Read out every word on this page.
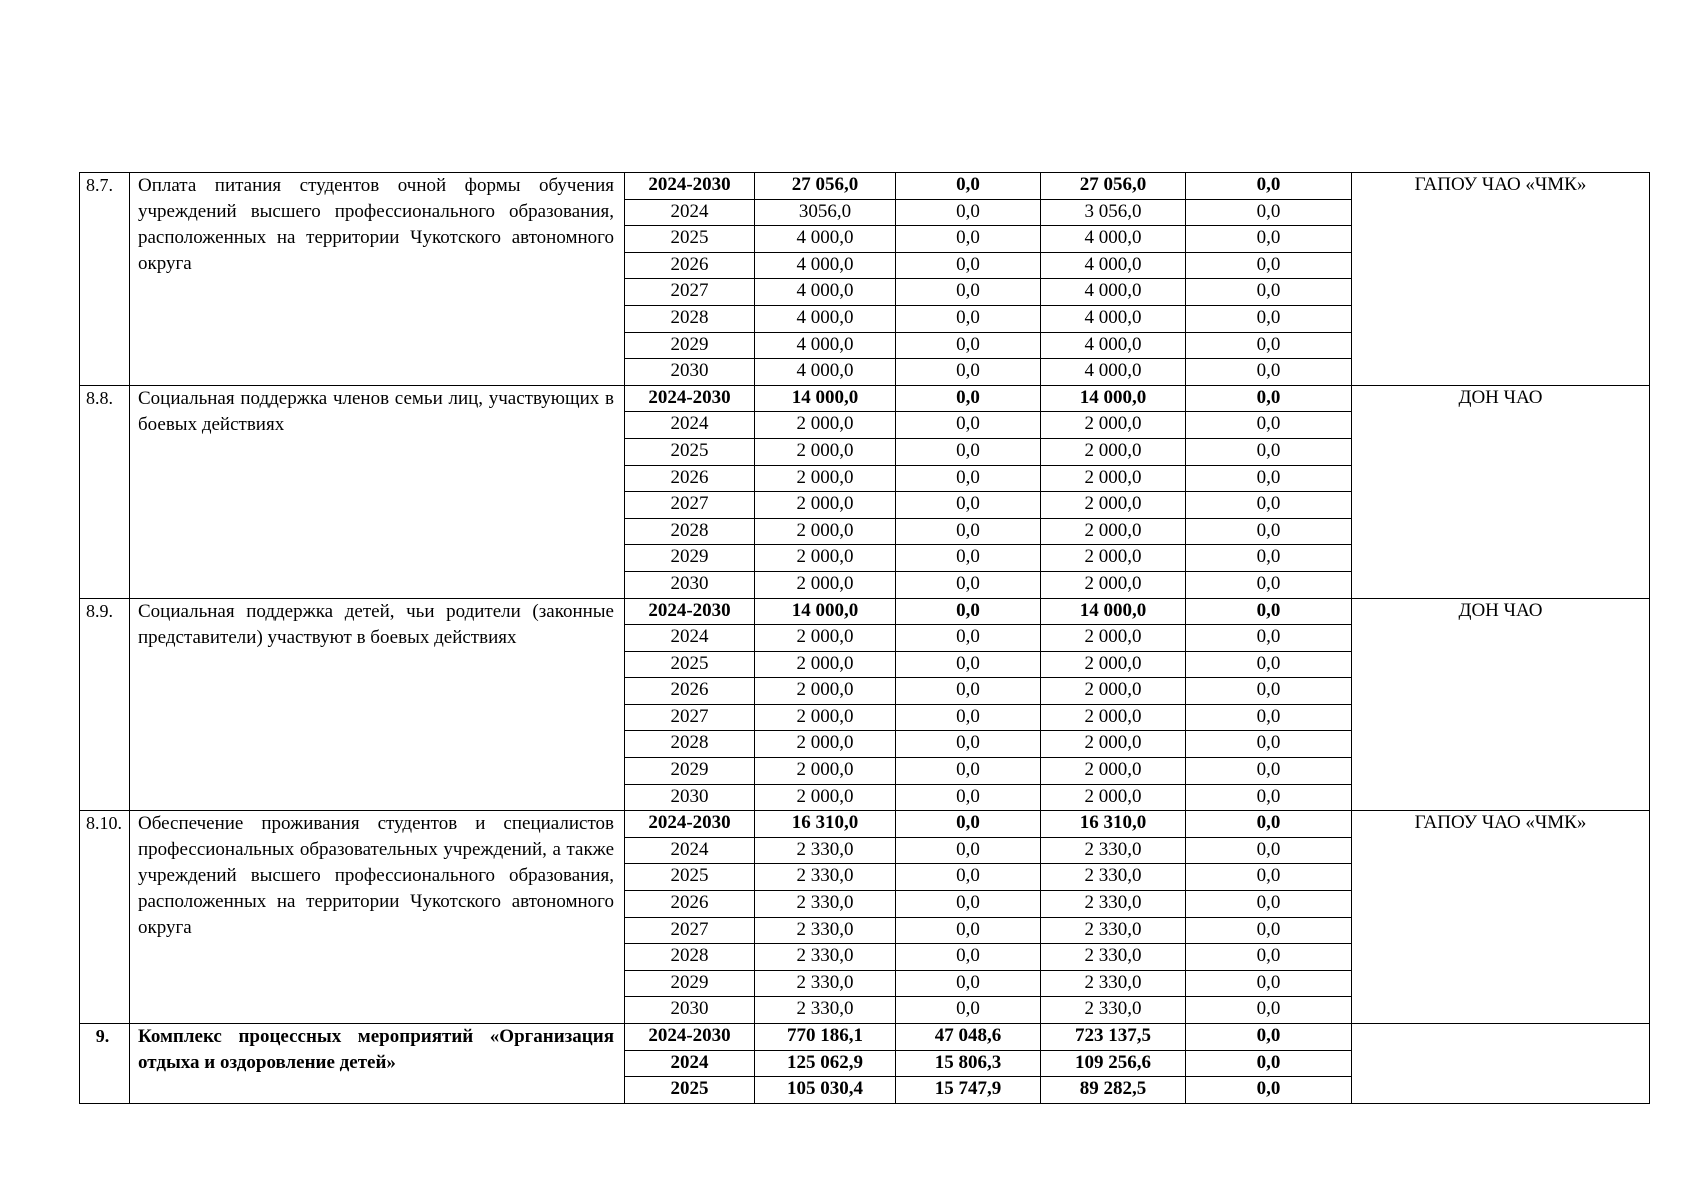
8.7.	Оплата питания студентов очной формы обучения учреждений высшего профессионального образования, расположенных на территории Чукотского автономного округа	2024-2030	27 056,0	0,0	27 056,0	0,0	ГАПОУ ЧАО «ЧМК»
		2024	3056,0	0,0	3 056,0	0,0	
		2025	4 000,0	0,0	4 000,0	0,0	
		2026	4 000,0	0,0	4 000,0	0,0	
		2027	4 000,0	0,0	4 000,0	0,0	
		2028	4 000,0	0,0	4 000,0	0,0	
		2029	4 000,0	0,0	4 000,0	0,0	
		2030	4 000,0	0,0	4 000,0	0,0	
8.8.	Социальная поддержка членов семьи лиц, участвующих в боевых действиях	2024-2030	14 000,0	0,0	14 000,0	0,0	ДОН ЧАО
		2024	2 000,0	0,0	2 000,0	0,0	
		2025	2 000,0	0,0	2 000,0	0,0	
		2026	2 000,0	0,0	2 000,0	0,0	
		2027	2 000,0	0,0	2 000,0	0,0	
		2028	2 000,0	0,0	2 000,0	0,0	
		2029	2 000,0	0,0	2 000,0	0,0	
		2030	2 000,0	0,0	2 000,0	0,0	
8.9.	Социальная поддержка детей, чьи родители (законные представители) участвуют в боевых действиях	2024-2030	14 000,0	0,0	14 000,0	0,0	ДОН ЧАО
		2024	2 000,0	0,0	2 000,0	0,0	
		2025	2 000,0	0,0	2 000,0	0,0	
		2026	2 000,0	0,0	2 000,0	0,0	
		2027	2 000,0	0,0	2 000,0	0,0	
		2028	2 000,0	0,0	2 000,0	0,0	
		2029	2 000,0	0,0	2 000,0	0,0	
		2030	2 000,0	0,0	2 000,0	0,0	
8.10.	Обеспечение проживания студентов и специалистов профессиональных образовательных учреждений, а также учреждений высшего профессионального образования, расположенных на территории Чукотского автономного округа	2024-2030	16 310,0	0,0	16 310,0	0,0	ГАПОУ ЧАО «ЧМК»
		2024	2 330,0	0,0	2 330,0	0,0	
		2025	2 330,0	0,0	2 330,0	0,0	
		2026	2 330,0	0,0	2 330,0	0,0	
		2027	2 330,0	0,0	2 330,0	0,0	
		2028	2 330,0	0,0	2 330,0	0,0	
		2029	2 330,0	0,0	2 330,0	0,0	
		2030	2 330,0	0,0	2 330,0	0,0	
9.	Комплекс процессных мероприятий «Организация отдыха и оздоровление детей»	2024-2030	770 186,1	47 048,6	723 137,5	0,0	
		2024	125 062,9	15 806,3	109 256,6	0,0	
		2025	105 030,4	15 747,9	89 282,5	0,0	
